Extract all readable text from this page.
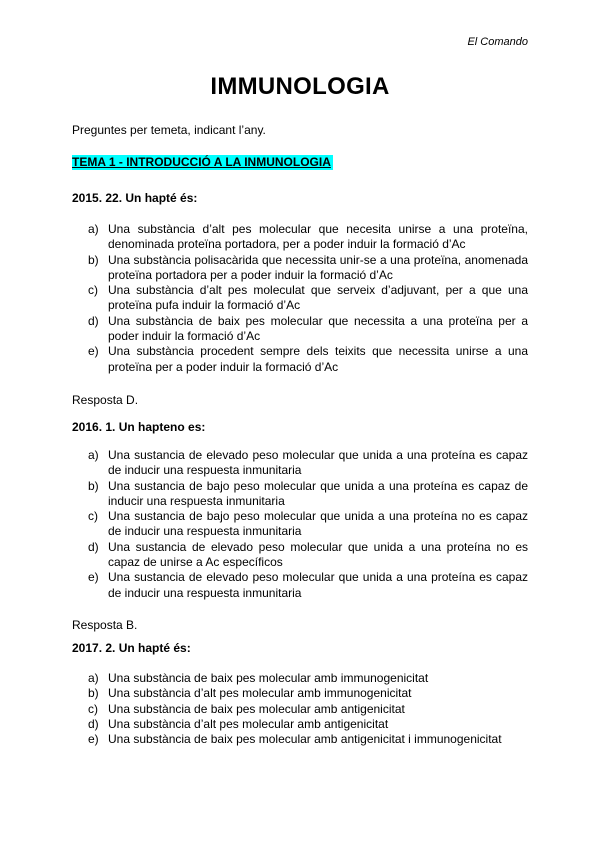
El Comando
IMMUNOLOGIA
Preguntes per temeta, indicant l’any.
TEMA 1 - INTRODUCCIÓ A LA INMUNOLOGIA
2015. 22. Un hapté és:
a) Una substància d’alt pes molecular que necesita unirse a una proteïna, denominada proteïna portadora, per a poder induir la formació d’Ac
b) Una substància polisacàrida que necessita unir-se a una proteïna, anomenada proteïna portadora per a poder induir la formació d’Ac
c) Una substància d’alt pes moleculat que serveix d’adjuvant, per a que una proteïna pufa induir la formació d’Ac
d) Una substància de baix pes molecular que necessita a una proteïna per a poder induir la formació d’Ac
e) Una substància procedent sempre dels teixits que necessita unirse a una proteïna per a poder induir la formació d’Ac
Resposta D.
2016. 1. Un hapteno es:
a) Una sustancia de elevado peso molecular que unida a una proteína es capaz de inducir una respuesta inmunitaria
b) Una sustancia de bajo peso molecular que unida a una proteína es capaz de inducir una respuesta inmunitaria
c) Una sustancia de bajo peso molecular que unida a una proteína no es capaz de inducir una respuesta inmunitaria
d) Una sustancia de elevado peso molecular que unida a una proteína no es capaz de unirse a Ac específicos
e) Una sustancia de elevado peso molecular que unida a una proteína es capaz de inducir una respuesta inmunitaria
Resposta B.
2017. 2. Un hapté és:
a) Una substància de baix pes molecular amb immunogenicitat
b) Una substància d’alt pes molecular amb immunogenicitat
c) Una substància de baix pes molecular amb antigenicitat
d) Una substància d’alt pes molecular amb antigenicitat
e) Una substància de baix pes molecular amb antigenicitat i immunogenicitat
